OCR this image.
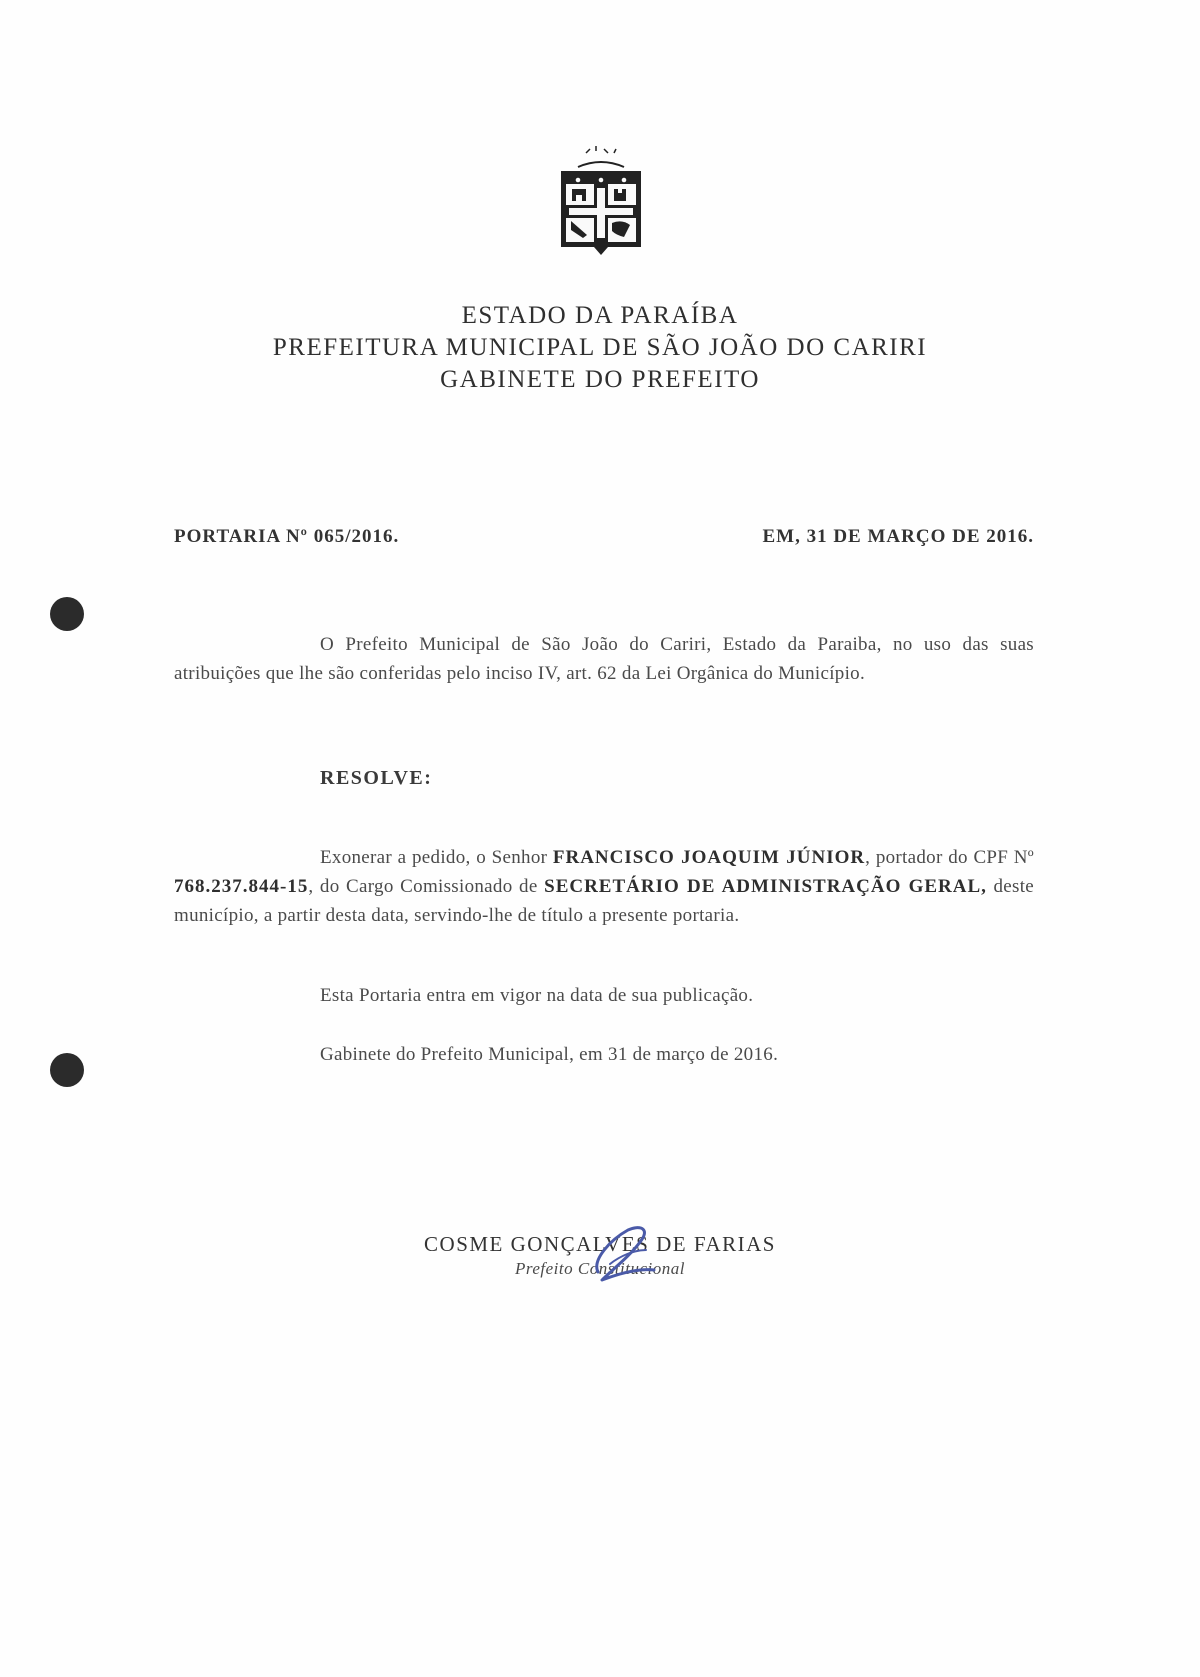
ESTADO DA PARAÍBA
PREFEITURA MUNICIPAL DE SÃO JOÃO DO CARIRI
GABINETE DO PREFEITO
PORTARIA Nº 065/2016.	EM, 31 DE MARÇO DE 2016.
O Prefeito Municipal de São João do Cariri, Estado da Paraiba, no uso das suas atribuições que lhe são conferidas pelo inciso IV, art. 62 da Lei Orgânica do Município.
RESOLVE:
Exonerar a pedido, o Senhor FRANCISCO JOAQUIM JÚNIOR, portador do CPF Nº 768.237.844-15, do Cargo Comissionado de SECRETÁRIO DE ADMINISTRAÇÃO GERAL, deste município, a partir desta data, servindo-lhe de título a presente portaria.
Esta Portaria entra em vigor na data de sua publicação.
Gabinete do Prefeito Municipal, em 31 de março de 2016.
COSME GONÇALVES DE FARIAS
Prefeito Constitucional
